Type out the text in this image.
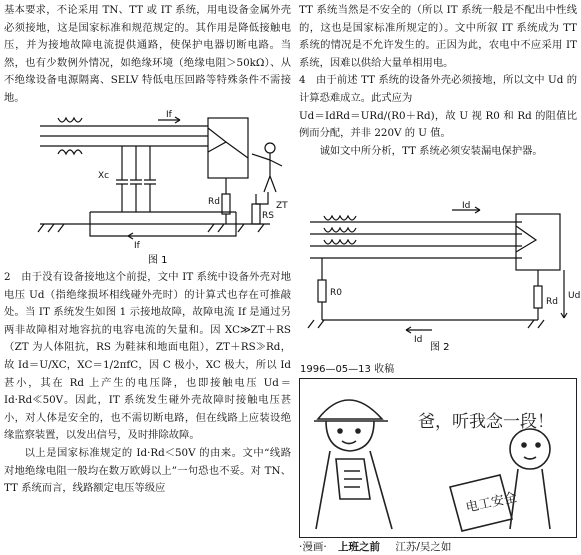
基本要求，不论采用 TN、TT 或 IT 系统，用电设备金属外壳必须接地，这是国家标准和规范规定的。其作用是降低接触电压，并为接地故障电流提供通路，使保护电器切断电路。当然，也有少数例外情况，如绝缘环境（绝缘电阻＞50kΩ）、从不绝缘设备电源隔离、SELV 特低电压回路等特殊条件不需接地。

If
If
Xc
ZT
Rd
RS
图 1

2　由于没有设备接地这个前提，文中 IT 系统中设备外壳对地电压 Ud（指绝缘损坏相线碰外壳时）的计算式也存在可推敲处。当 IT 系统发生如图 1 示接地故障，故障电流 If 是通过另两非故障相对地容抗的电容电流的矢量和。因 XC≫ZT＋RS（ZT 为人体阻抗，RS 为鞋袜和地面电阻），ZT＋RS≫Rd，故 Id＝U/XC，XC＝1/2πfC，因 C 极小，XC 极大，所以 Id 甚小，其在 Rd 上产生的电压降，也即接触电压 Ud＝Id·Rd≪50V。因此，IT 系统发生碰外壳故障时接触电压甚小，对人体是安全的，也不需切断电路，但在线路上应装设绝缘监察装置，以发出信号，及时排除故障。

以上是国家标准规定的 Id·Rd＜50V 的由来。文中“线路对地绝缘电阻一般均在数万欧姆以上”一句恐也不妥。对 TN、TT 系统而言，线路额定电压等级应

TT 系统当然是不安全的（所以 IT 系统一般是不配出中性线的，这也是国家标准所规定的）。文中所叙 IT 系统成为 TT 系统的情况是不允许发生的。正因为此，农电中不应采用 IT 系统，因难以供给大量单相用电。

4　由于前述 TT 系统的设备外壳必须接地，所以文中 Ud 的计算恐难成立。此式应为

Ud＝IdRd＝URd/(R0＋Rd)，故 U 视 R0 和 Rd 的阻值比例而分配，并非 220V 的 U 值。

诚如文中所分析，TT 系统必须安装漏电保护器。

Id
Id
R0
Rd
Ud
图 2
1996—05—13 收稿
爸，听我念一段！
电工安全
·漫画· 上班之前 江苏/吴之如
